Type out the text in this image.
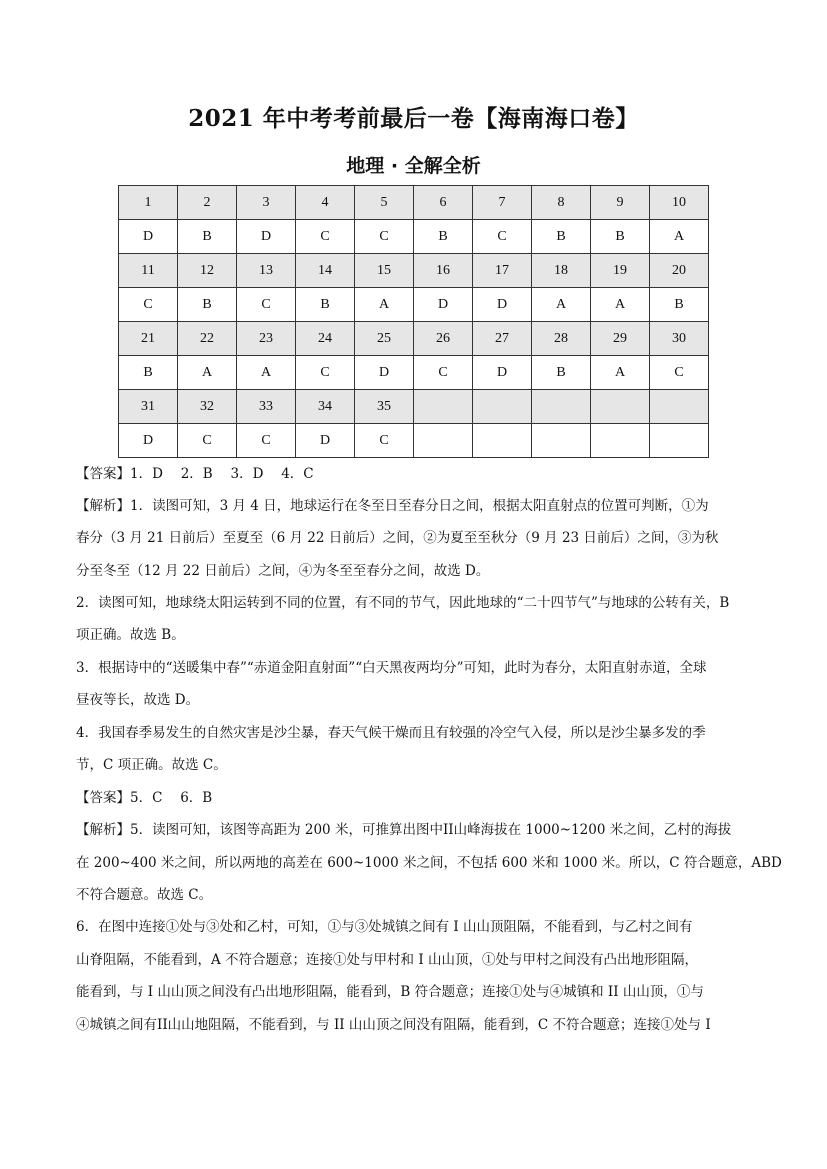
2021 年中考考前最后一卷【海南海口卷】
地理 · 全解全析
1	2	3	4	5	6	7	8	9	10
D	B	D	C	C	B	C	B	B	A
11	12	13	14	15	16	17	18	19	20
C	B	C	B	A	D	D	A	A	B
21	22	23	24	25	26	27	28	29	30
B	A	A	C	D	C	D	B	A	C
31	32	33	34	35					
D	C	C	D	C					
【答案】1．D　 2．B　 3．D　 4．C
【解析】1．读图可知，3 月 4 日，地球运行在冬至日至春分日之间，根据太阳直射点的位置可判断，①为
春分（3 月 21 日前后）至夏至（6 月 22 日前后）之间，②为夏至至秋分（9 月 23 日前后）之间，③为秋
分至冬至（12 月 22 日前后）之间，④为冬至至春分之间，故选 D。
2．读图可知，地球绕太阳运转到不同的位置，有不同的节气，因此地球的“二十四节气”与地球的公转有关，B
项正确。故选 B。
3．根据诗中的“送暖集中春”“赤道金阳直射面”“白天黑夜两均分”可知，此时为春分，太阳直射赤道，全球
昼夜等长，故选 D。
4．我国春季易发生的自然灾害是沙尘暴，春天气候干燥而且有较强的冷空气入侵，所以是沙尘暴多发的季
节，C 项正确。故选 C。
【答案】5．C　 6．B
【解析】5．读图可知，该图等高距为 200 米，可推算出图中II山峰海拔在 1000~1200 米之间，乙村的海拔
在 200~400 米之间，所以两地的高差在 600~1000 米之间，不包括 600 米和 1000 米。所以，C 符合题意，ABD
不符合题意。故选 C。
6．在图中连接①处与③处和乙村，可知，①与③处城镇之间有 I 山山顶阻隔，不能看到，与乙村之间有
山脊阻隔，不能看到，A 不符合题意；连接①处与甲村和 I 山山顶，①处与甲村之间没有凸出地形阻隔，
能看到，与 I 山山顶之间没有凸出地形阻隔，能看到，B 符合题意；连接①处与④城镇和 II 山山顶，①与
④城镇之间有II山山地阻隔，不能看到，与 II 山山顶之间没有阻隔，能看到，C 不符合题意；连接①处与 I
